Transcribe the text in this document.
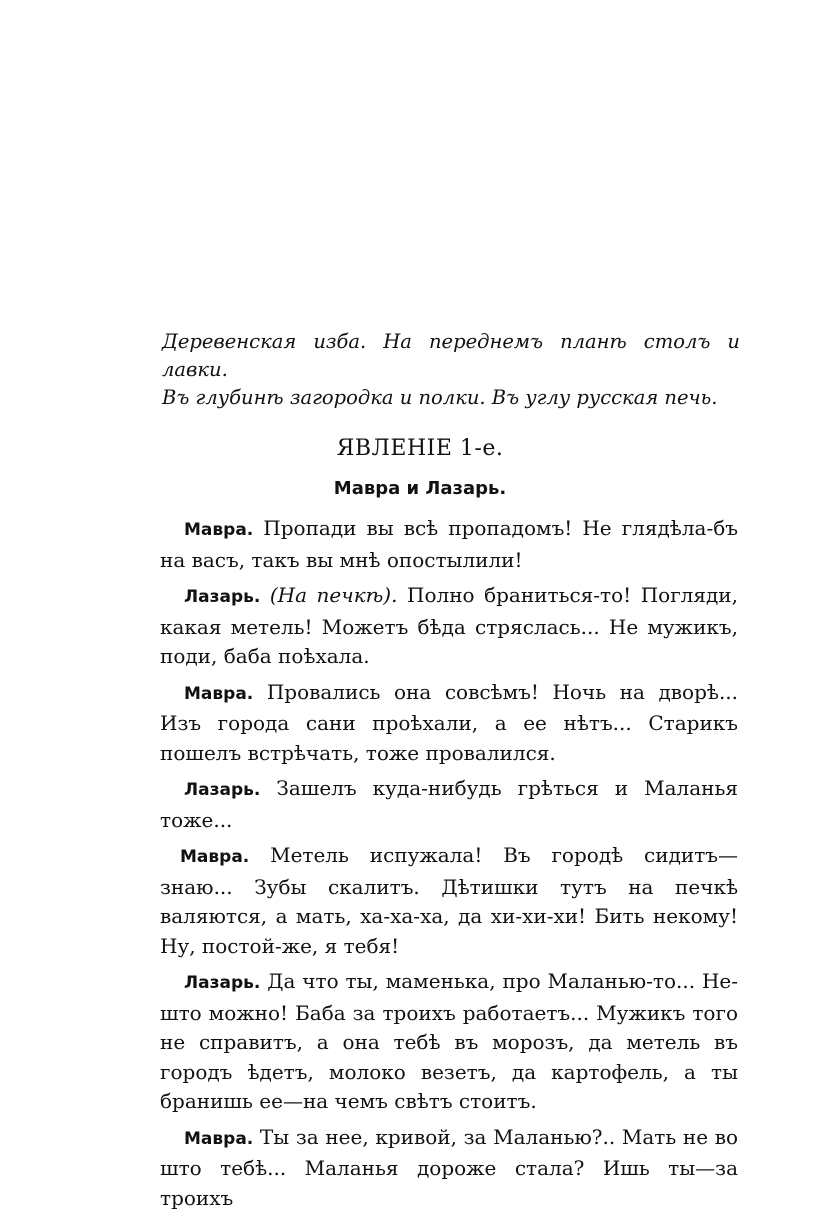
Деревенская изба. На переднемъ планѣ столъ и лавки.

Въ глубинѣ загородка и полки. Въ углу русская печь.

ЯВЛЕНІЕ 1-е.
Мавра и Лазарь.

Мавра. Пропади вы всѣ пропадомъ! Не глядѣла-бъ на васъ, такъ вы мнѣ опостылили!

Лазарь. (На печкѣ). Полно браниться-то! Погляди, какая метель! Можетъ бѣда стряслась... Не мужикъ, поди, баба поѣхала.

Мавра. Провались она совсѣмъ! Ночь на дворѣ... Изъ города сани проѣхали, а ее нѣтъ... Старикъ пошелъ встрѣчать, тоже провалился.

Лазарь. Зашелъ куда-нибудь грѣться и Маланья тоже...

Мавра. Метель испужала! Въ городѣ сидитъ—знаю... Зубы скалитъ. Дѣтишки тутъ на печкѣ валяются, а мать, ха-ха-ха, да хи-хи-хи! Бить некому! Ну, постой-же, я тебя!

Лазарь. Да что ты, маменька, про Маланью-то... Не-што можно! Баба за троихъ работаетъ... Мужикъ того не справитъ, а она тебѣ въ морозъ, да метель въ городъ ѣдетъ, молоко везетъ, да картофель, а ты бранишь ее—на чемъ свѣтъ стоитъ.

Мавра. Ты за нее, кривой, за Маланью?.. Мать не во што тебѣ... Маланья дороже стала? Ишь ты—за троихъ
